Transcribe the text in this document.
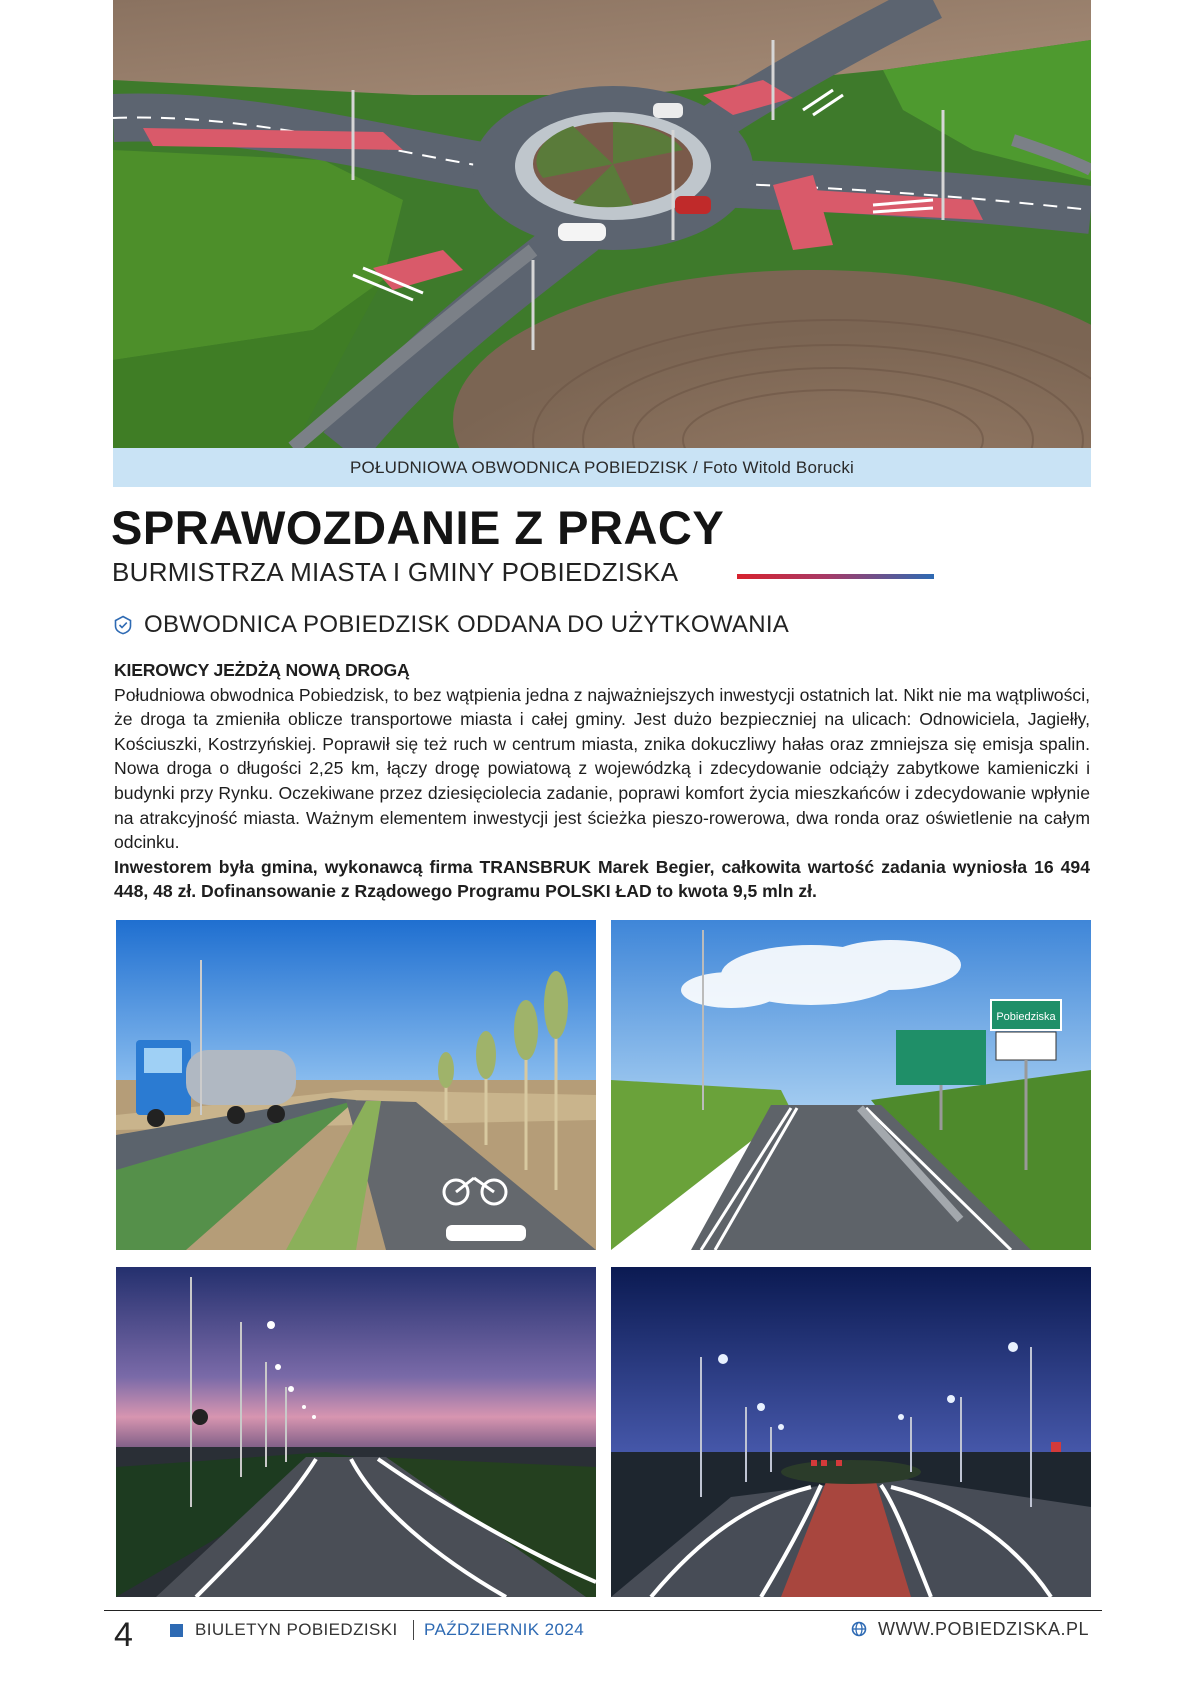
POŁUDNIOWA OBWODNICA POBIEDZISK / Foto Witold Borucki
SPRAWOZDANIE Z PRACY
BURMISTRZA MIASTA I GMINY POBIEDZISKA
OBWODNICA POBIEDZISK ODDANA DO UŻYTKOWANIA

KIEROWCY JEŻDŻĄ NOWĄ DROGĄ

Południowa obwodnica Pobiedzisk, to bez wątpienia jedna z najważniejszych inwestycji ostatnich lat. Nikt nie ma wątpliwości, że droga ta zmieniła oblicze transportowe miasta i całej gminy. Jest dużo bezpieczniej na ulicach: Odnowiciela, Jagiełły, Kościuszki, Kostrzyńskiej. Poprawił się też ruch w centrum miasta, znika dokuczliwy hałas oraz zmniejsza się emisja spalin. Nowa droga o długości 2,25 km, łączy drogę powiatową z wojewódzką i zdecydowanie odciąży zabytkowe kamieniczki i budynki przy Rynku. Oczekiwane przez dziesięciolecia zadanie, poprawi komfort życia mieszkańców i zdecydowanie wpłynie na atrakcyjność miasta. Ważnym elementem inwestycji jest ścieżka pieszo-rowerowa, dwa ronda oraz oświetlenie na całym odcinku.

Inwestorem była gmina, wykonawcą firma TRANSBRUK Marek Begier, całkowita wartość zadania wyniosła 16 494 448, 48 zł. Dofinansowanie z Rządowego Programu POLSKI ŁAD to kwota 9,5 mln zł.

Pobiedziska
4	BIULETYN POBIEDZISKI PAŹDZIERNIK 2024	WWW.POBIEDZISKA.PL
